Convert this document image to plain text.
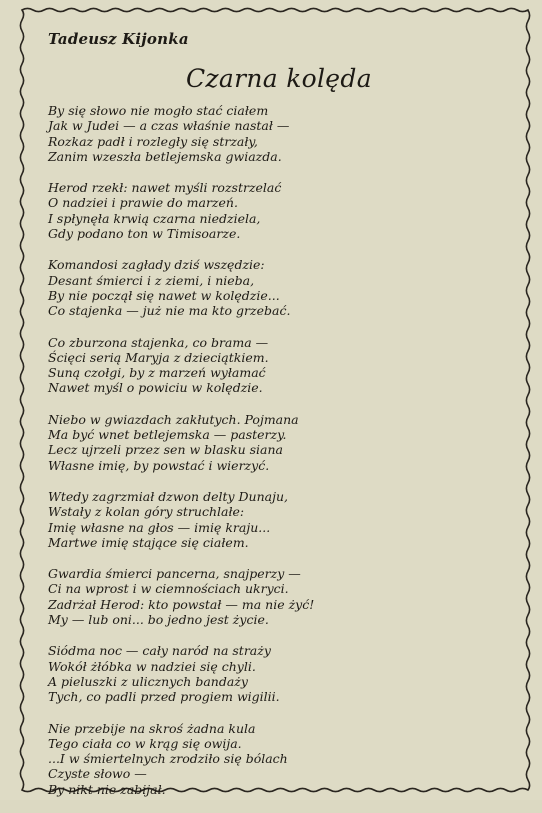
Tadeusz Kijonka
Czarna kolęda
By się słowo nie mogło stać ciałem
Jak w Judei — a czas właśnie nastał —
Rozkaz padł i rozległy się strzały,
Zanim wzeszła betlejemska gwiazda.
Herod rzekł: nawet myśli rozstrzelać
O nadziei i prawie do marzeń.
I spłynęła krwią czarna niedziela,
Gdy podano ton w Timisoarze.
Komandosi zagłady dziś wszędzie:
Desant śmierci i z ziemi, i nieba,
By nie począł się nawet w kolędzie...
Co stajenka — już nie ma kto grzebać.
Co zburzona stajenka, co brama —
Ścięci serią Maryja z dzieciątkiem.
Suną czołgi, by z marzeń wyłamać
Nawet myśl o powiciu w kolędzie.
Niebo w gwiazdach zakłutych. Pojmana
Ma być wnet betlejemska — pasterzy.
Lecz ujrzeli przez sen w blasku siana
Własne imię, by powstać i wierzyć.
Wtedy zagrzmiał dzwon delty Dunaju,
Wstały z kolan góry struchlałe:
Imię własne na głos — imię kraju...
Martwe imię stające się ciałem.
Gwardia śmierci pancerna, snajperzy —
Ci na wprost i w ciemnościach ukryci.
Zadrżał Herod: kto powstał — ma nie żyć!
My — lub oni... bo jedno jest życie.
Siódma noc — cały naród na straży
Wokół żłóbka w nadziei się chyli.
A pieluszki z ulicznych bandaży
Tych, co padli przed progiem wigilii.
Nie przebije na skroś żadna kula
Tego ciała co w krąg się owija.
...I w śmiertelnych zrodziło się bólach
Czyste słowo —
By nikt nie zabijał.
